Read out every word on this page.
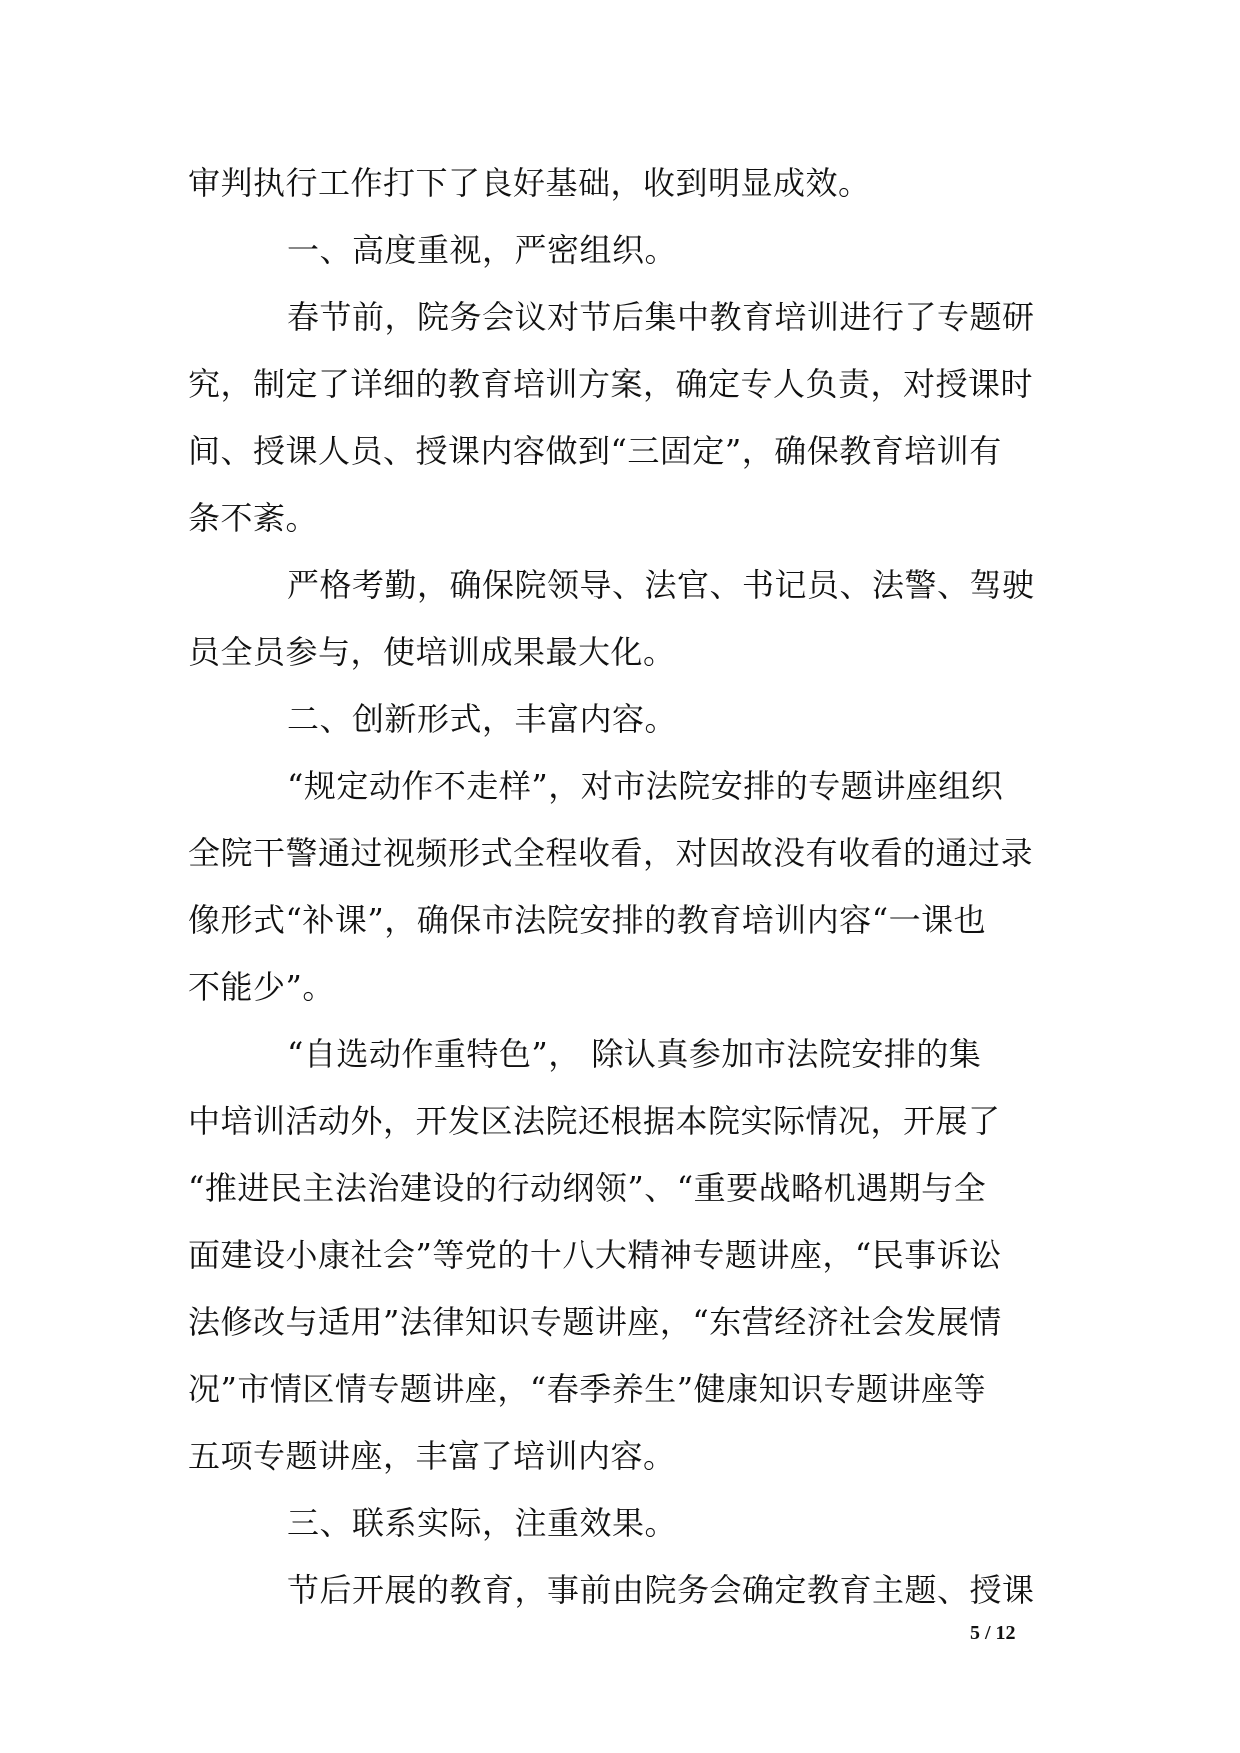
审判执行工作打下了良好基础，收到明显成效。
一、高度重视，严密组织。
春节前，院务会议对节后集中教育培训进行了专题研
究，制定了详细的教育培训方案，确定专人负责，对授课时
间、授课人员、授课内容做到“三固定”，确保教育培训有
条不紊。
严格考勤，确保院领导、法官、书记员、法警、驾驶
员全员参与，使培训成果最大化。
二、创新形式，丰富内容。
“规定动作不走样”，对市法院安排的专题讲座组织
全院干警通过视频形式全程收看，对因故没有收看的通过录
像形式“补课”，确保市法院安排的教育培训内容“一课也
不能少”。
“自选动作重特色”， 除认真参加市法院安排的集
中培训活动外，开发区法院还根据本院实际情况，开展了
“推进民主法治建设的行动纲领”、“重要战略机遇期与全
面建设小康社会”等党的十八大精神专题讲座，“民事诉讼
法修改与适用”法律知识专题讲座，“东营经济社会发展情
况”市情区情专题讲座，“春季养生”健康知识专题讲座等
五项专题讲座，丰富了培训内容。
三、联系实际，注重效果。
节后开展的教育，事前由院务会确定教育主题、授课
5 / 12
